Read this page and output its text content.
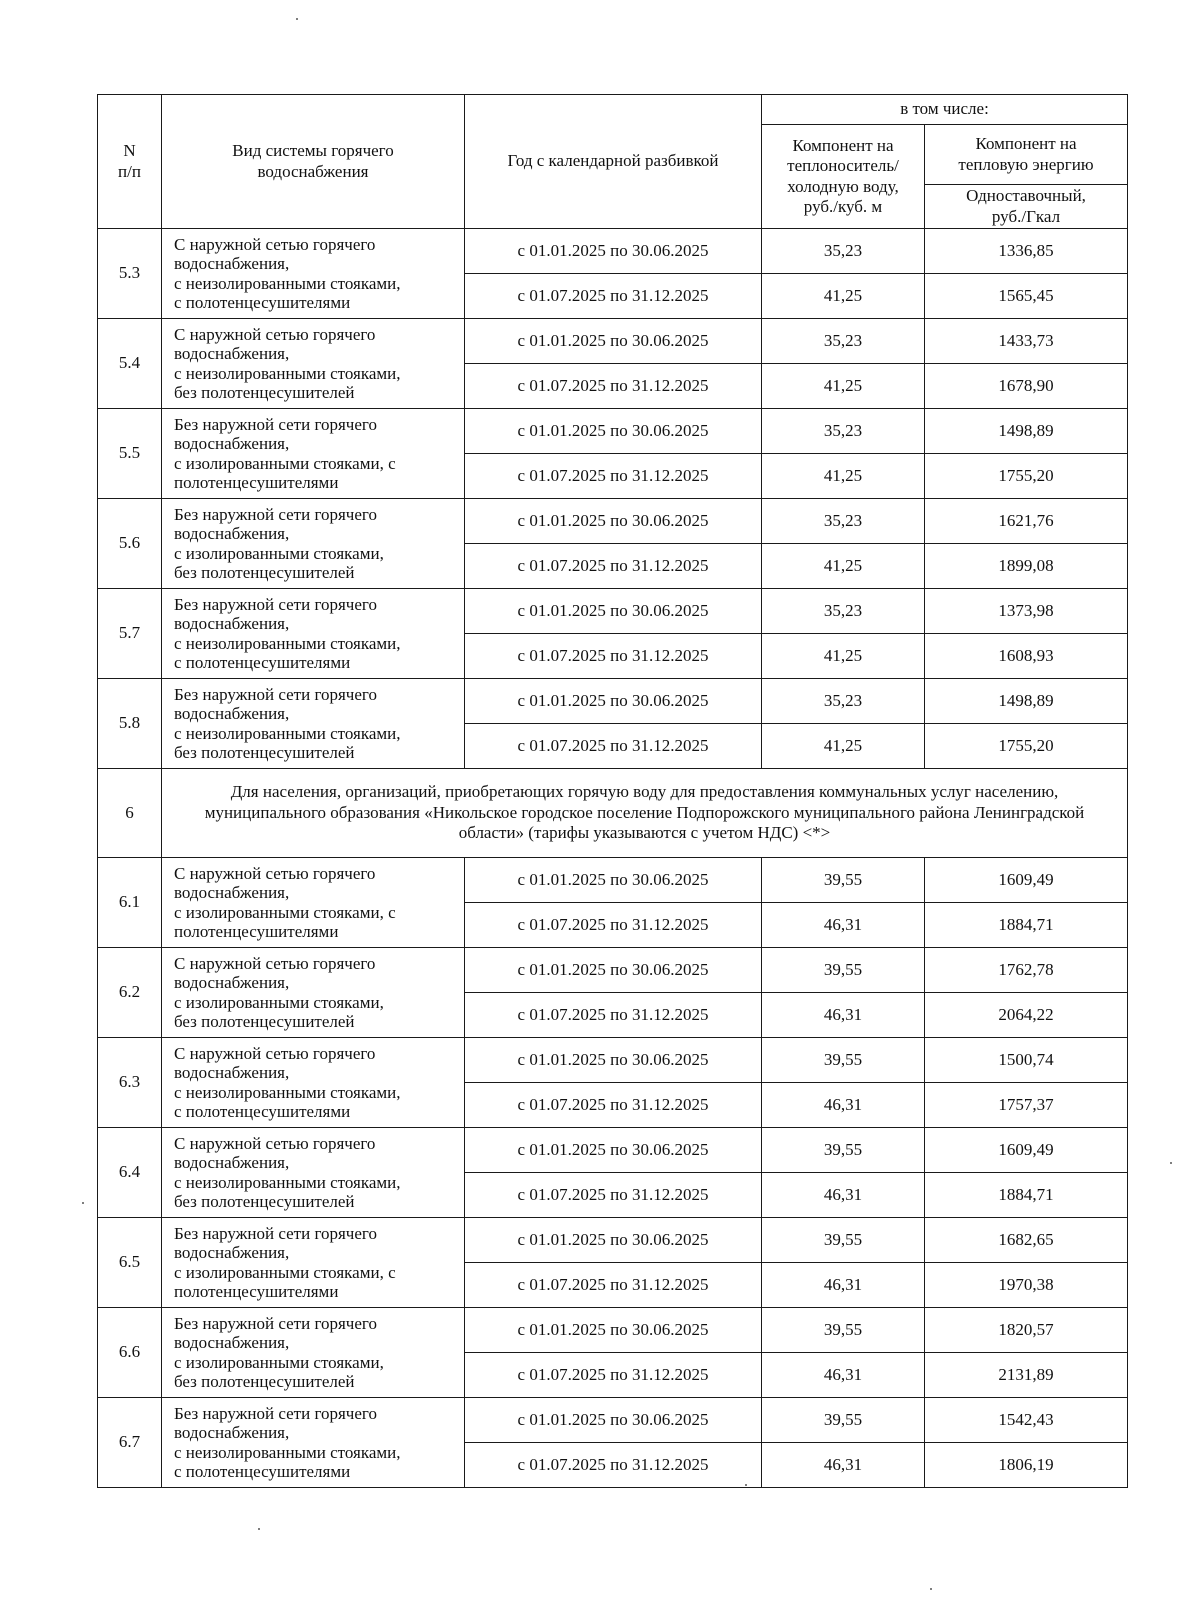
N
п/п	Вид системы горячего водоснабжения	Год с календарной разбивкой	в том числе:	
			Компонент на теплоноситель/ холодную воду, руб./куб. м	Компонент на тепловую энергию
				Одноставочный, руб./Гкал
5.3	С наружной сетью горячего
водоснабжения,
с неизолированными стояками,
с полотенцесушителями	с 01.01.2025 по 30.06.2025	35,23	1336,85
		с 01.07.2025 по 31.12.2025	41,25	1565,45
5.4	С наружной сетью горячего
водоснабжения,
с неизолированными стояками,
без полотенцесушителей	с 01.01.2025 по 30.06.2025	35,23	1433,73
		с 01.07.2025 по 31.12.2025	41,25	1678,90
5.5	Без наружной сети горячего
водоснабжения,
с изолированными стояками, с
полотенцесушителями	с 01.01.2025 по 30.06.2025	35,23	1498,89
		с 01.07.2025 по 31.12.2025	41,25	1755,20
5.6	Без наружной сети горячего
водоснабжения,
с изолированными стояками,
без полотенцесушителей	с 01.01.2025 по 30.06.2025	35,23	1621,76
		с 01.07.2025 по 31.12.2025	41,25	1899,08
5.7	Без наружной сети горячего
водоснабжения,
с неизолированными стояками,
с полотенцесушителями	с 01.01.2025 по 30.06.2025	35,23	1373,98
		с 01.07.2025 по 31.12.2025	41,25	1608,93
5.8	Без наружной сети горячего
водоснабжения,
с неизолированными стояками,
без полотенцесушителей	с 01.01.2025 по 30.06.2025	35,23	1498,89
		с 01.07.2025 по 31.12.2025	41,25	1755,20
6	Для населения, организаций, приобретающих горячую воду для предоставления коммунальных услуг населению, муниципального образования «Никольское городское поселение Подпорожского муниципального района Ленинградской области» (тарифы указываются с учетом НДС) <*>			
6.1	С наружной сетью горячего
водоснабжения,
с изолированными стояками, с
полотенцесушителями	с 01.01.2025 по 30.06.2025	39,55	1609,49
		с 01.07.2025 по 31.12.2025	46,31	1884,71
6.2	С наружной сетью горячего
водоснабжения,
с изолированными стояками,
без полотенцесушителей	с 01.01.2025 по 30.06.2025	39,55	1762,78
		с 01.07.2025 по 31.12.2025	46,31	2064,22
6.3	С наружной сетью горячего
водоснабжения,
с неизолированными стояками,
с полотенцесушителями	с 01.01.2025 по 30.06.2025	39,55	1500,74
		с 01.07.2025 по 31.12.2025	46,31	1757,37
6.4	С наружной сетью горячего
водоснабжения,
с неизолированными стояками,
без полотенцесушителей	с 01.01.2025 по 30.06.2025	39,55	1609,49
		с 01.07.2025 по 31.12.2025	46,31	1884,71
6.5	Без наружной сети горячего
водоснабжения,
с изолированными стояками, с
полотенцесушителями	с 01.01.2025 по 30.06.2025	39,55	1682,65
		с 01.07.2025 по 31.12.2025	46,31	1970,38
6.6	Без наружной сети горячего
водоснабжения,
с изолированными стояками,
без полотенцесушителей	с 01.01.2025 по 30.06.2025	39,55	1820,57
		с 01.07.2025 по 31.12.2025	46,31	2131,89
6.7	Без наружной сети горячего
водоснабжения,
с неизолированными стояками,
с полотенцесушителями	с 01.01.2025 по 30.06.2025	39,55	1542,43
		с 01.07.2025 по 31.12.2025	46,31	1806,19
